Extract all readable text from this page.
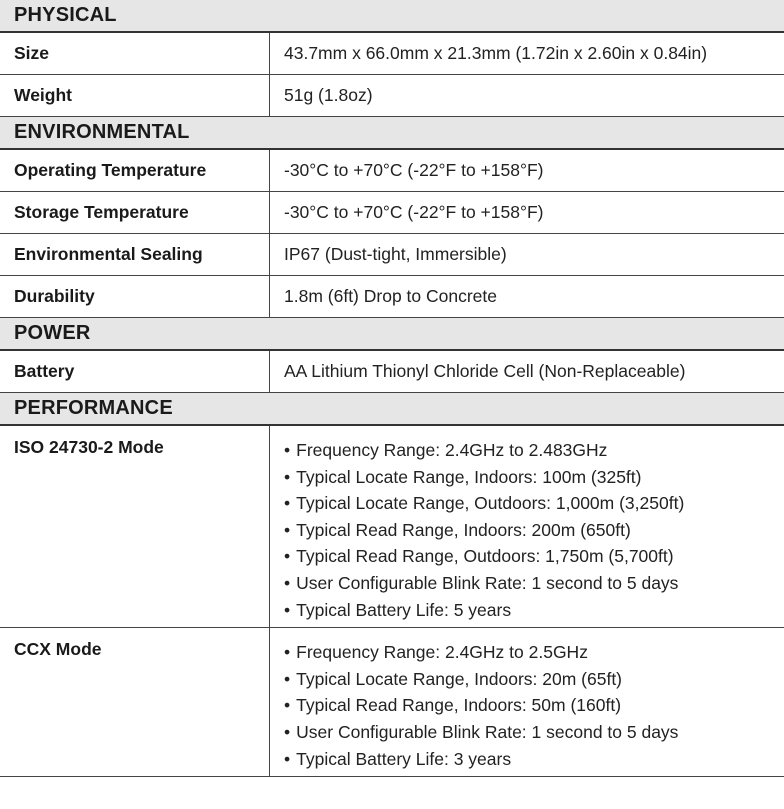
PHYSICAL
Size	43.7mm x 66.0mm x 21.3mm (1.72in x 2.60in x 0.84in)
Weight	51g (1.8oz)
ENVIRONMENTAL
Operating Temperature	-30°C to +70°C (-22°F to +158°F)
Storage Temperature	-30°C to +70°C (-22°F to +158°F)
Environmental Sealing	IP67 (Dust-tight, Immersible)
Durability	1.8m (6ft) Drop to Concrete
POWER
Battery	AA Lithium Thionyl Chloride Cell (Non-Replaceable)
PERFORMANCE
ISO 24730-2 Mode	• Frequency Range: 2.4GHz to 2.483GHz
• Typical Locate Range, Indoors: 100m (325ft)
• Typical Locate Range, Outdoors: 1,000m (3,250ft)
• Typical Read Range, Indoors: 200m (650ft)
• Typical Read Range, Outdoors: 1,750m (5,700ft)
• User Configurable Blink Rate: 1 second to 5 days
• Typical Battery Life: 5 years
CCX Mode	• Frequency Range: 2.4GHz to 2.5GHz
• Typical Locate Range, Indoors: 20m (65ft)
• Typical Read Range, Indoors: 50m (160ft)
• User Configurable Blink Rate: 1 second to 5 days
• Typical Battery Life: 3 years
